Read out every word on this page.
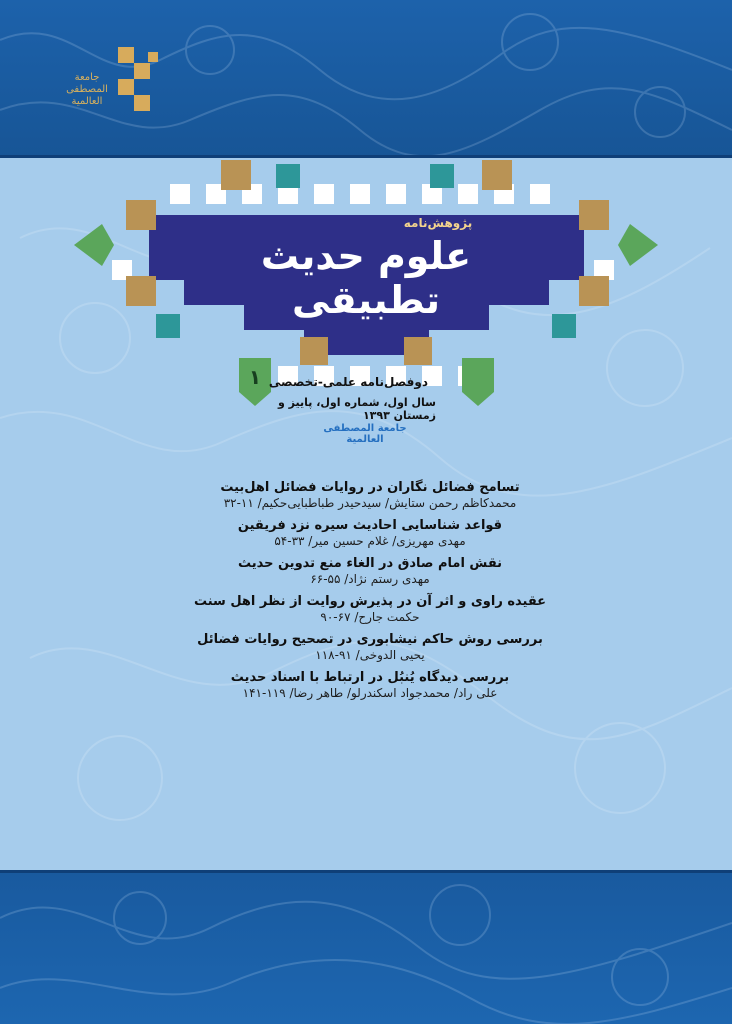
جامعة
المصطفى
العالمية
پژوهش‌نامه
علوم حدیث تطبیقی
۱ دوفصل‌نامه علمی-تخصصی
سال اول، شماره اول، پاییز و زمستان ۱۳۹۳
جامعة المصطفی العالمیة
تسامح فضائل نگاران در روایات فضائل اهل‌بیت
محمدکاظم رحمن ستایش/ سیدحیدر طباطبایی‌حکیم/ ۱۱-۳۲
قواعد شناسایی احادیث سیره نزد فریقین
مهدی مهریزی/ غلام حسین میر/ ۳۳-۵۴
نقش امام صادق در الغاء منع تدوین حدیث
مهدی رستم نژاد/ ۵۵-۶۶
عقیده راوی و اثر آن در پذیرش روایت از نظر اهل سنت
حکمت جارح/ ۶۷-۹۰
بررسی روش حاکم نیشابوری در تصحیح روایات فضائل
یحیی الدوخی/ ۹۱-۱۱۸
بررسی دیدگاه یُنبُل در ارتباط با اسناد حدیث
علی راد/ محمدجواد اسکندرلو/ طاهر رضا/ ۱۱۹-۱۴۱
